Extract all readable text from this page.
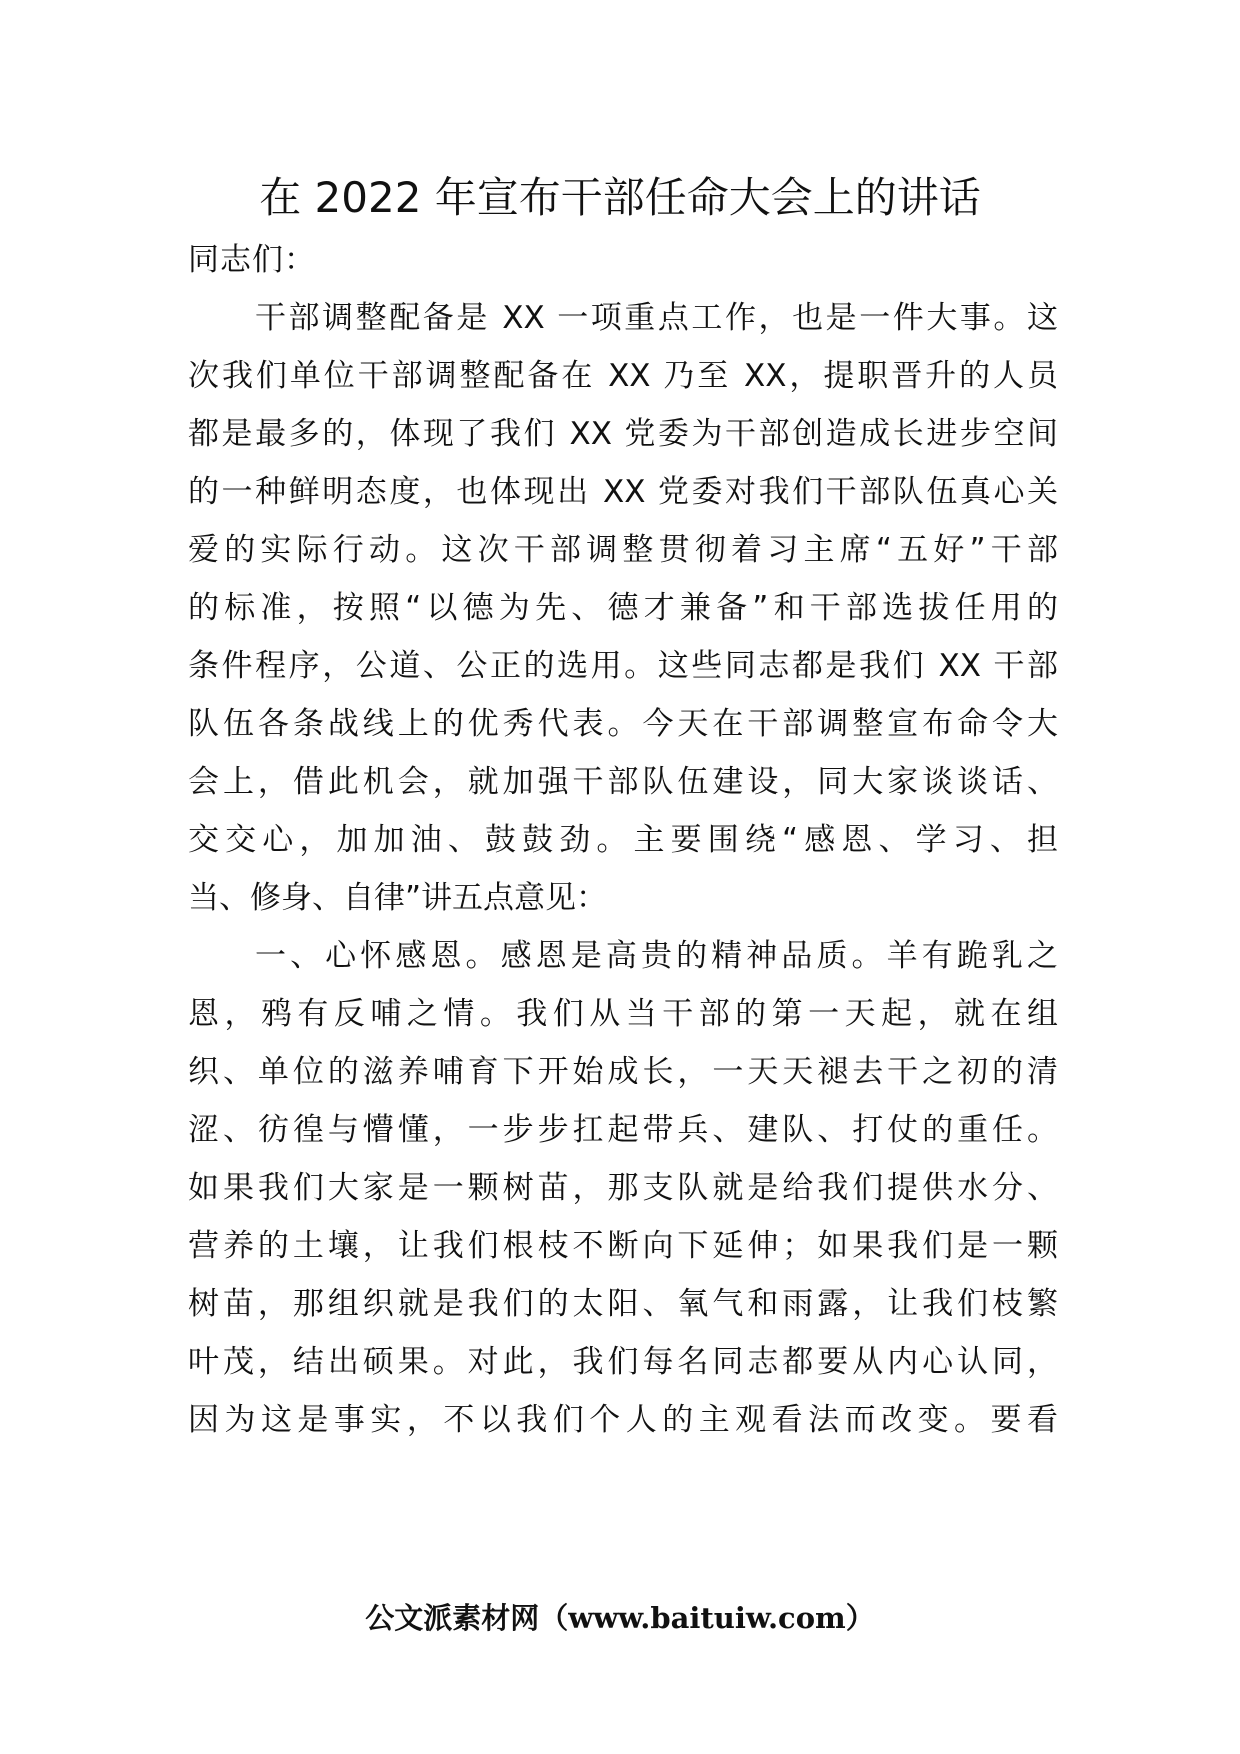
在 2022 年宣布干部任命大会上的讲话
同志们：
干部调整配备是 XX 一项重点工作，也是一件大事。这
次我们单位干部调整配备在 XX 乃至 XX，提职晋升的人员
都是最多的，体现了我们 XX 党委为干部创造成长进步空间
的一种鲜明态度，也体现出 XX 党委对我们干部队伍真心关
爱的实际行动。这次干部调整贯彻着习主席“五好”干部
的标准，按照“以德为先、德才兼备”和干部选拔任用的
条件程序，公道、公正的选用。这些同志都是我们 XX 干部
队伍各条战线上的优秀代表。今天在干部调整宣布命令大
会上，借此机会，就加强干部队伍建设，同大家谈谈话、
交交心，加加油、鼓鼓劲。主要围绕“感恩、学习、担
当、修身、自律”讲五点意见：
一、心怀感恩。感恩是高贵的精神品质。羊有跪乳之
恩，鸦有反哺之情。我们从当干部的第一天起，就在组
织、单位的滋养哺育下开始成长，一天天褪去干之初的清
涩、彷徨与懵懂，一步步扛起带兵、建队、打仗的重任。
如果我们大家是一颗树苗，那支队就是给我们提供水分、
营养的土壤，让我们根枝不断向下延伸；如果我们是一颗
树苗，那组织就是我们的太阳、氧气和雨露，让我们枝繁
叶茂，结出硕果。对此，我们每名同志都要从内心认同，
因为这是事实，不以我们个人的主观看法而改变。要看
公文派素材网（www.baituiw.com）
